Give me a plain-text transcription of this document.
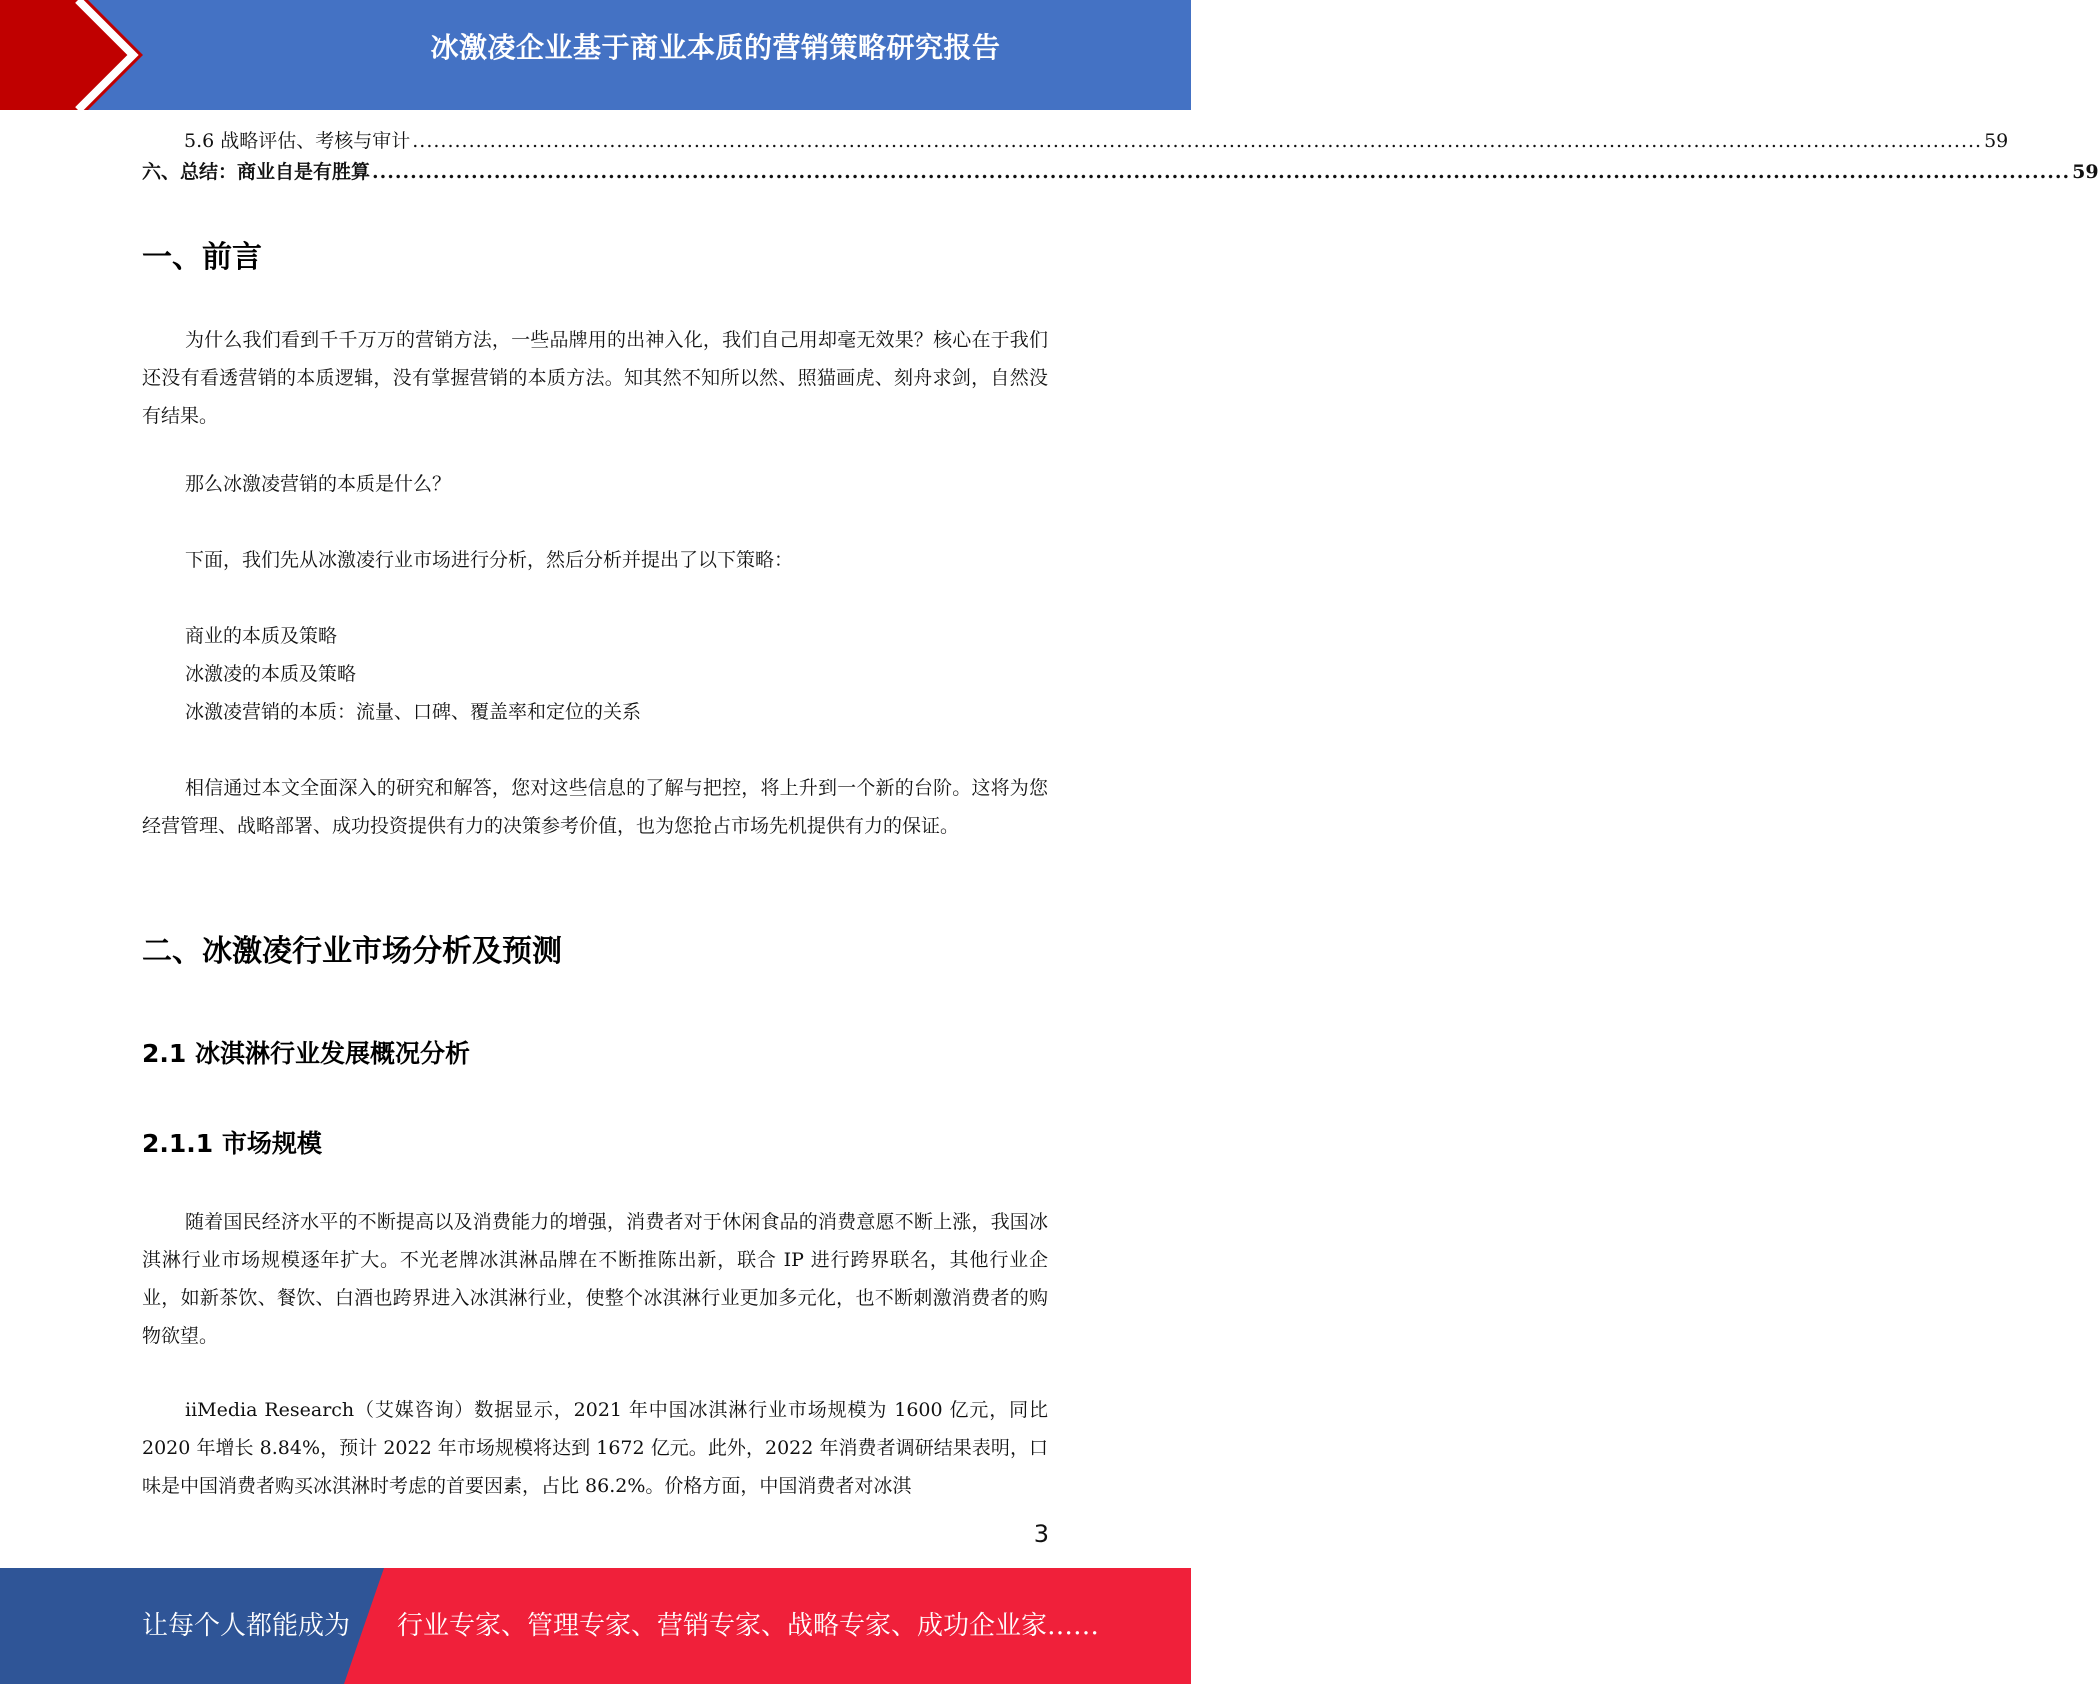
冰激凌企业基于商业本质的营销策略研究报告
5.6 战略评估、考核与审计 ............................................................................................................................................................................................................................... 59
六、总结：商业自是有胜算 ............................................................................................................................................................................................................................... 59
一、前言

为什么我们看到千千万万的营销方法，一些品牌用的出神入化，我们自己用却毫无效果？核心在于我们还没有看透营销的本质逻辑，没有掌握营销的本质方法。知其然不知所以然、照猫画虎、刻舟求剑，自然没有结果。

那么冰激凌营销的本质是什么？

下面，我们先从冰激凌行业市场进行分析，然后分析并提出了以下策略：

商业的本质及策略

冰激凌的本质及策略

冰激凌营销的本质：流量、口碑、覆盖率和定位的关系

相信通过本文全面深入的研究和解答，您对这些信息的了解与把控，将上升到一个新的台阶。这将为您经营管理、战略部署、成功投资提供有力的决策参考价值，也为您抢占市场先机提供有力的保证。

二、冰激凌行业市场分析及预测
2.1 冰淇淋行业发展概况分析
2.1.1 市场规模

随着国民经济水平的不断提高以及消费能力的增强，消费者对于休闲食品的消费意愿不断上涨，我国冰淇淋行业市场规模逐年扩大。不光老牌冰淇淋品牌在不断推陈出新，联合 IP 进行跨界联名，其他行业企业，如新茶饮、餐饮、白酒也跨界进入冰淇淋行业，使整个冰淇淋行业更加多元化，也不断刺激消费者的购物欲望。

iiMedia Research（艾媒咨询）数据显示，2021 年中国冰淇淋行业市场规模为 1600 亿元，同比 2020 年增长 8.84%，预计 2022 年市场规模将达到 1672 亿元。此外，2022 年消费者调研结果表明，口味是中国消费者购买冰淇淋时考虑的首要因素，占比 86.2%。价格方面，中国消费者对冰淇

3
让每个人都能成为 行业专家、管理专家、营销专家、战略专家、成功企业家……
